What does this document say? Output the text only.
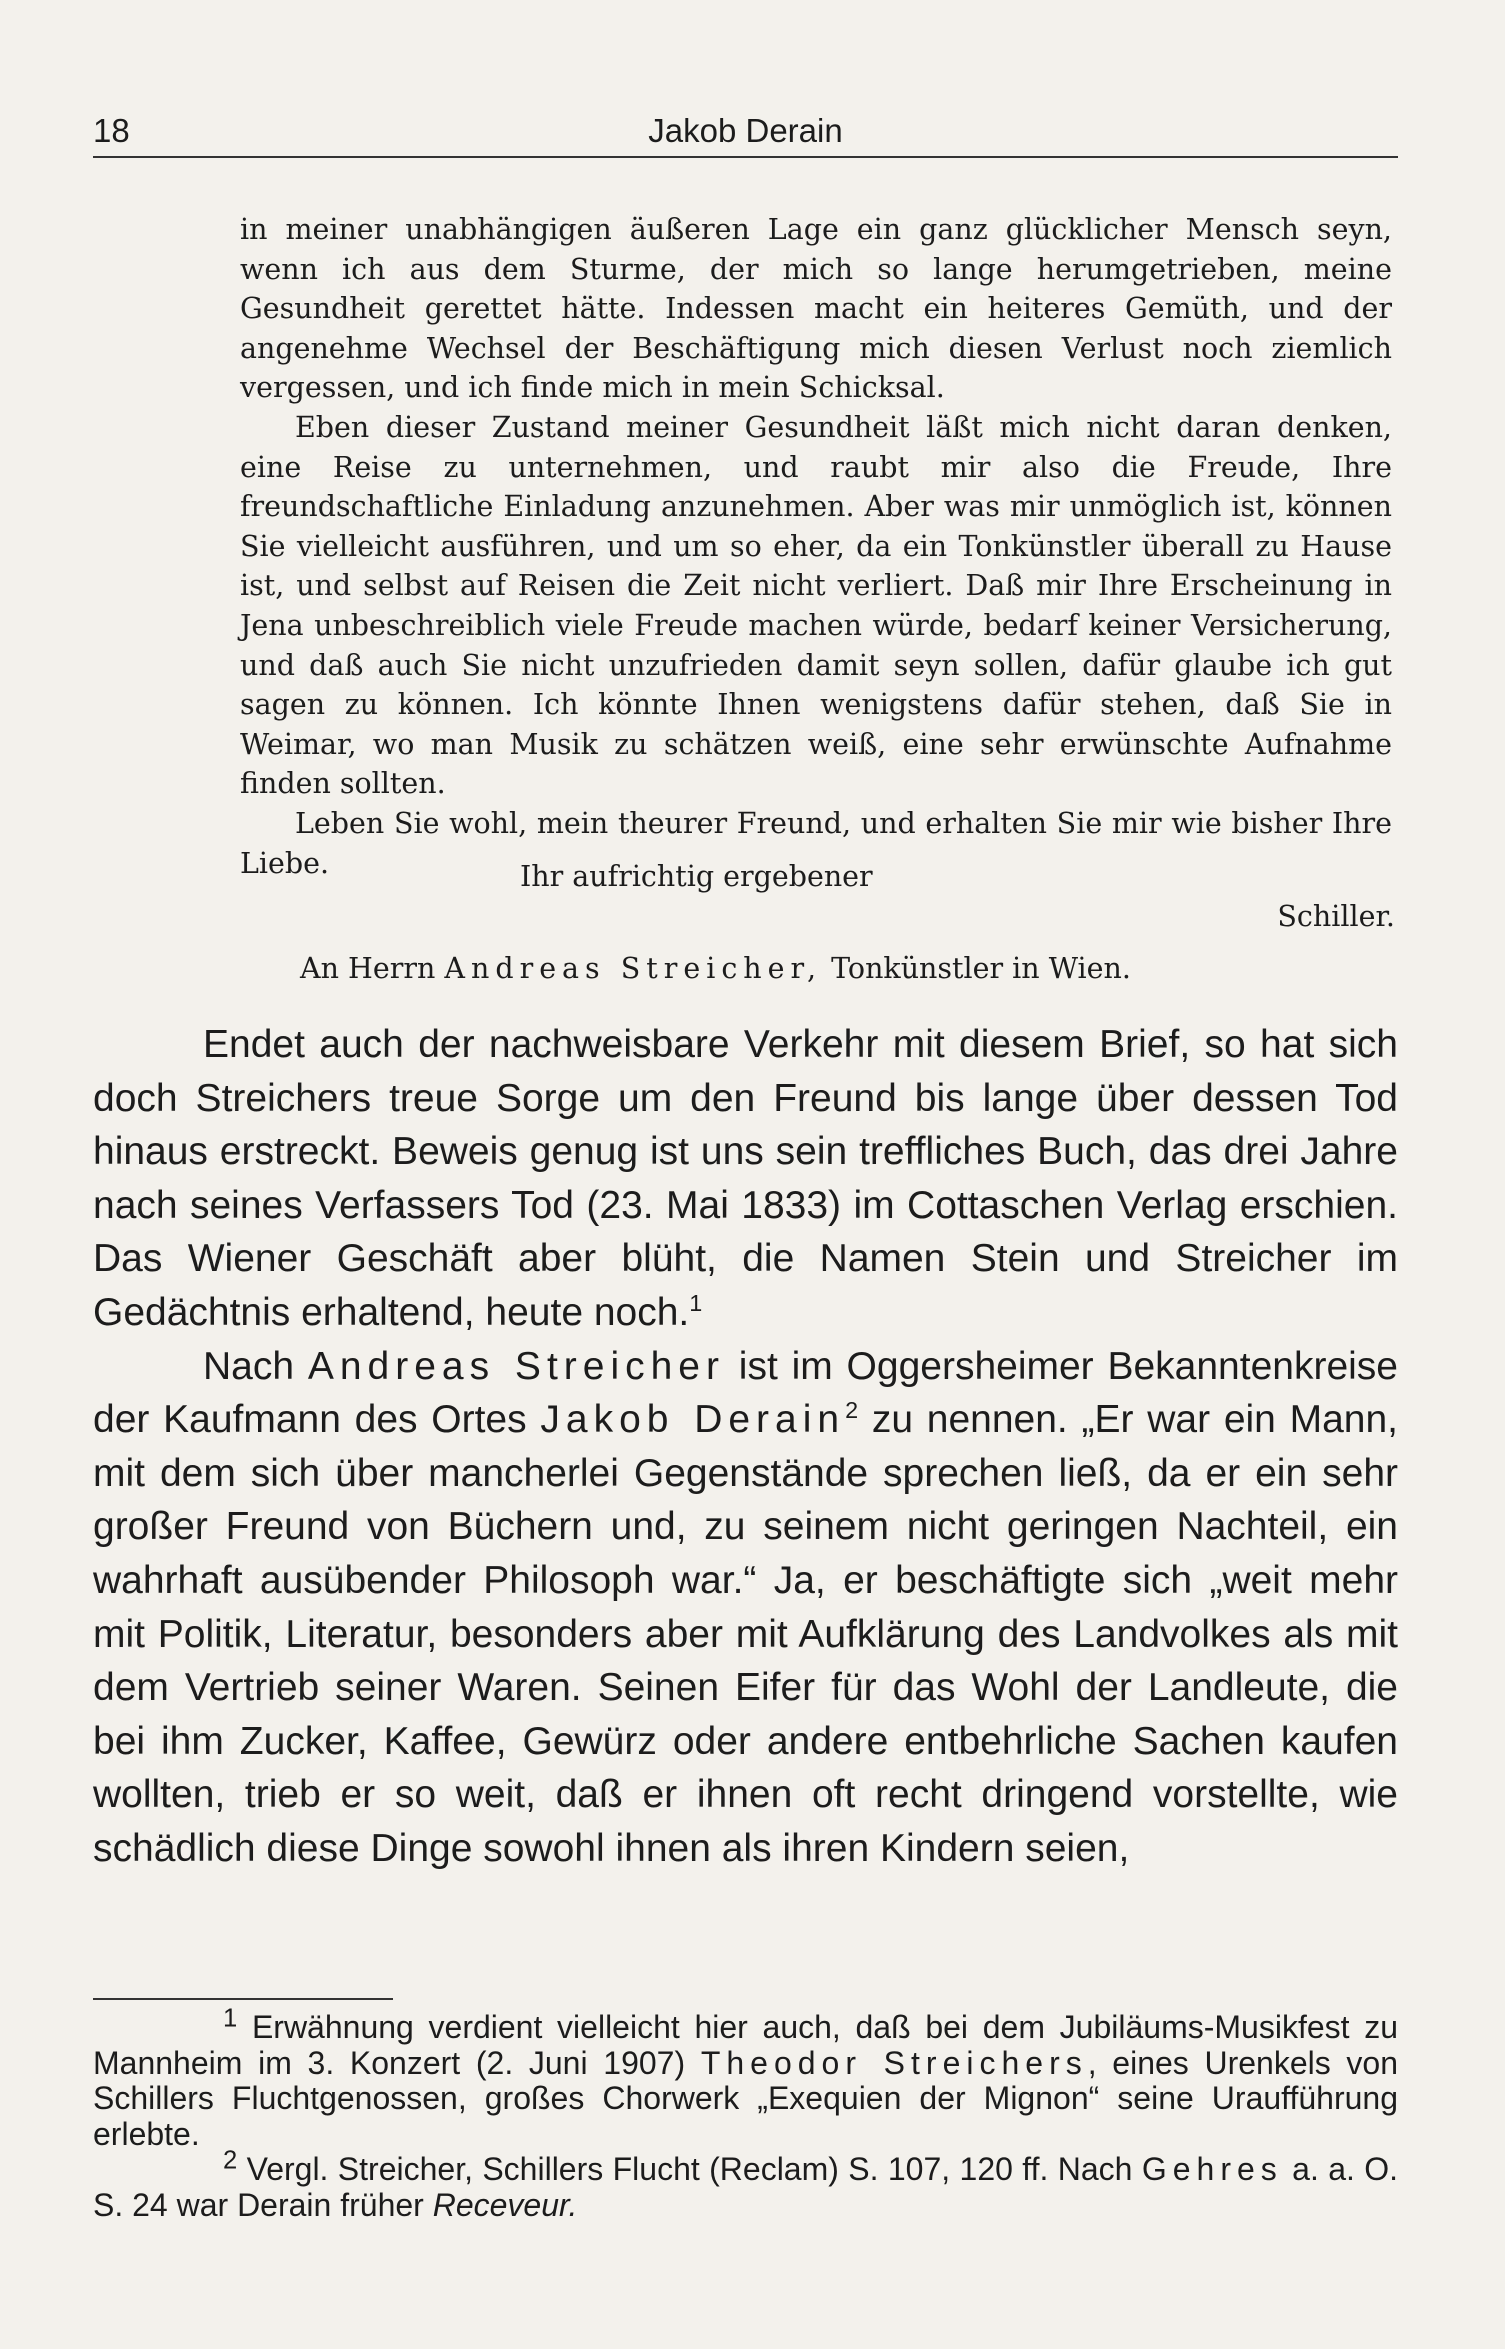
18	Jakob Derain

in meiner unabhängigen äußeren Lage ein ganz glücklicher Mensch seyn, wenn ich aus dem Sturme, der mich so lange herumgetrieben, meine Gesundheit gerettet hätte. Indessen macht ein heiteres Gemüth, und der angenehme Wechsel der Beschäftigung mich diesen Verlust noch ziemlich vergessen, und ich finde mich in mein Schicksal.

Eben dieser Zustand meiner Gesundheit läßt mich nicht daran denken, eine Reise zu unternehmen, und raubt mir also die Freude, Ihre freundschaftliche Einladung anzunehmen. Aber was mir unmöglich ist, können Sie vielleicht ausführen, und um so eher, da ein Tonkünstler überall zu Hause ist, und selbst auf Reisen die Zeit nicht verliert. Daß mir Ihre Erscheinung in Jena unbeschreiblich viele Freude machen würde, bedarf keiner Versicherung, und daß auch Sie nicht unzufrieden damit seyn sollen, dafür glaube ich gut sagen zu können. Ich könnte Ihnen wenigstens dafür stehen, daß Sie in Weimar, wo man Musik zu schätzen weiß, eine sehr erwünschte Aufnahme finden sollten.

Leben Sie wohl, mein theurer Freund, und erhalten Sie mir wie bisher Ihre Liebe.	Ihr aufrichtig ergebener
Schiller.
An Herrn Andreas Streicher, Tonkünstler in Wien.

Endet auch der nachweisbare Verkehr mit diesem Brief, so hat sich doch Streichers treue Sorge um den Freund bis lange über dessen Tod hinaus erstreckt. Beweis genug ist uns sein treffliches Buch, das drei Jahre nach seines Verfassers Tod (23. Mai 1833) im Cottaschen Verlag erschien. Das Wiener Geschäft aber blüht, die Namen Stein und Streicher im Gedächtnis erhaltend, heute noch.$^1$

Nach Andreas Streicher ist im Oggersheimer Bekanntenkreise der Kaufmann des Ortes Jakob Derain$^2$ zu nennen. „Er war ein Mann, mit dem sich über mancherlei Gegenstände sprechen ließ, da er ein sehr großer Freund von Büchern und, zu seinem nicht geringen Nachteil, ein wahrhaft ausübender Philosoph war.“ Ja, er beschäftigte sich „weit mehr mit Politik, Literatur, besonders aber mit Aufklärung des Landvolkes als mit dem Vertrieb seiner Waren. Seinen Eifer für das Wohl der Landleute, die bei ihm Zucker, Kaffee, Gewürz oder andere entbehrliche Sachen kaufen wollten, trieb er so weit, daß er ihnen oft recht dringend vorstellte, wie schädlich diese Dinge sowohl ihnen als ihren Kindern seien,

$^1$ Erwähnung verdient vielleicht hier auch, daß bei dem Jubiläums-Musikfest zu Mannheim im 3. Konzert (2. Juni 1907) Theodor Streichers, eines Urenkels von Schillers Fluchtgenossen, großes Chorwerk „Exequien der Mignon“ seine Uraufführung erlebte.

$^2$ Vergl. Streicher, Schillers Flucht (Reclam) S. 107, 120 ff. Nach Gehres a. a. O. S. 24 war Derain früher Receveur.
